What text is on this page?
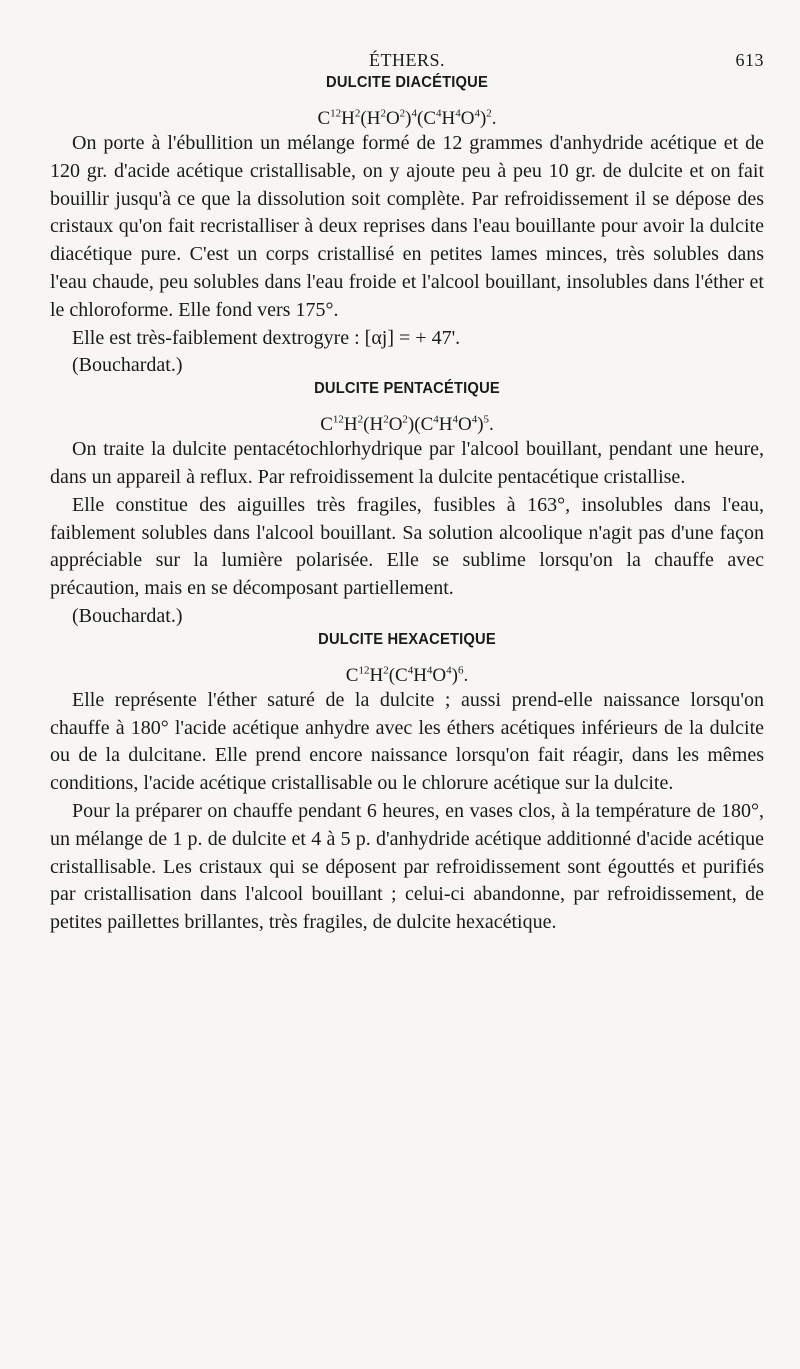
ÉTHERS.	613
DULCITE DIACÉTIQUE
$C^{12}H^2(H^2O^2)^4(C^4H^4O^4)^2$.

On porte à l'ébullition un mélange formé de 12 grammes d'anhydride acétique et de 120 gr. d'acide acétique cristallisable, on y ajoute peu à peu 10 gr. de dulcite et on fait bouillir jusqu'à ce que la dissolution soit complète. Par refroidissement il se dépose des cristaux qu'on fait recristalliser à deux reprises dans l'eau bouillante pour avoir la dulcite diacétique pure. C'est un corps cristallisé en petites lames minces, très solubles dans l'eau chaude, peu solubles dans l'eau froide et l'alcool bouillant, insolubles dans l'éther et le chloroforme. Elle fond vers 175°.

Elle est très-faiblement dextrogyre : [αj] = + 47'.

(Bouchardat.)

DULCITE PENTACÉTIQUE
$C^{12}H^2(H^2O^2)(C^4H^4O^4)^5$.

On traite la dulcite pentacétochlorhydrique par l'alcool bouillant, pendant une heure, dans un appareil à reflux. Par refroidissement la dulcite pentacétique cristallise.

Elle constitue des aiguilles très fragiles, fusibles à 163°, insolubles dans l'eau, faiblement solubles dans l'alcool bouillant. Sa solution alcoolique n'agit pas d'une façon appréciable sur la lumière polarisée. Elle se sublime lorsqu'on la chauffe avec précaution, mais en se décomposant partiellement.

(Bouchardat.)

DULCITE HEXACETIQUE
$C^{12}H^2(C^4H^4O^4)^6$.

Elle représente l'éther saturé de la dulcite ; aussi prend-elle naissance lorsqu'on chauffe à 180° l'acide acétique anhydre avec les éthers acétiques inférieurs de la dulcite ou de la dulcitane. Elle prend encore naissance lorsqu'on fait réagir, dans les mêmes conditions, l'acide acétique cristallisable ou le chlorure acétique sur la dulcite.

Pour la préparer on chauffe pendant 6 heures, en vases clos, à la température de 180°, un mélange de 1 p. de dulcite et 4 à 5 p. d'anhydride acétique additionné d'acide acétique cristallisable. Les cristaux qui se déposent par refroidissement sont égouttés et purifiés par cristallisation dans l'alcool bouillant ; celui-ci abandonne, par refroidissement, de petites paillettes brillantes, très fragiles, de dulcite hexacétique.
